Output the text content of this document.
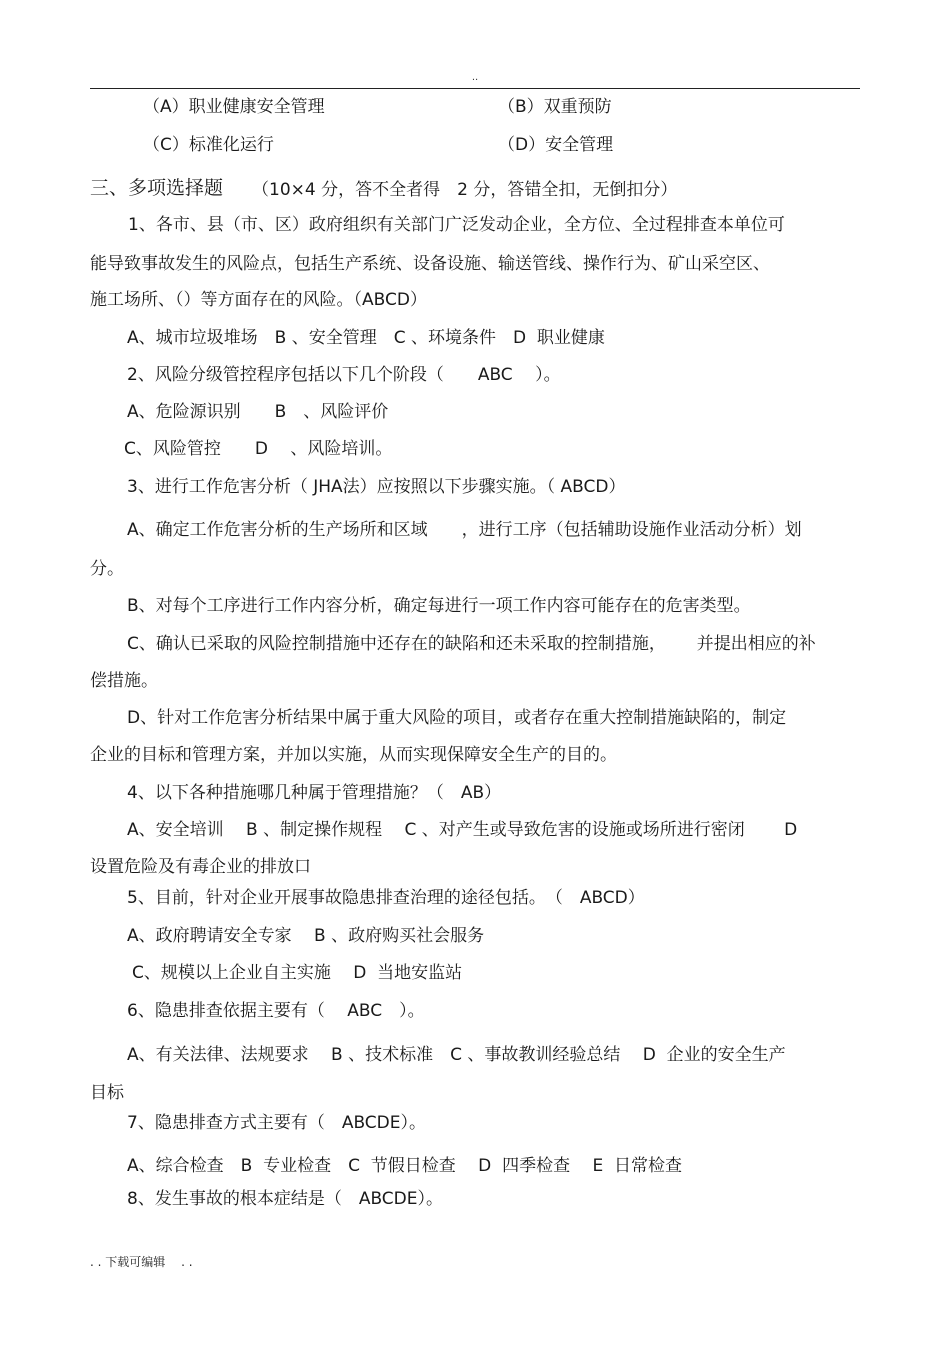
..
（A）职业健康安全管理	（B）双重预防
（C）标准化运行	（D）安全管理
三、多项选择题 （10×4 分，答不全者得　2 分，答错全扣，无倒扣分）
1、各市、县（市、区）政府组织有关部门广泛发动企业，全方位、全过程排查本单位可
能导致事故发生的风险点，包括生产系统、设备设施、输送管线、操作行为、矿山采空区、
施工场所、（）等方面存在的风险。（ABCD）
A、城市垃圾堆场　B 、安全管理　C 、环境条件　D  职业健康
2、风险分级管控程序包括以下几个阶段（　　ABC　 ）。
A、危险源识别　　B　、风险评价
C、风险管控　　D　 、风险培训。
3、进行工作危害分析（ JHA法）应按照以下步骤实施。（ ABCD）
A、确定工作危害分析的生产场所和区域　　，进行工序（包括辅助设施作业活动分析）划
分。
B、对每个工序进行工作内容分析，确定每进行一项工作内容可能存在的危害类型。
C、确认已采取的风险控制措施中还存在的缺陷和还未采取的控制措施，　　 并提出相应的补
偿措施。
D、针对工作危害分析结果中属于重大风险的项目，或者存在重大控制措施缺陷的，制定
企业的目标和管理方案，并加以实施，从而实现保障安全生产的目的。
4、以下各种措施哪几种属于管理措施？（　AB）
A、安全培训　 B 、制定操作规程　 C 、对产生或导致危害的设施或场所进行密闭　　 D
设置危险及有毒企业的排放口
5、目前，针对企业开展事故隐患排查治理的途径包括。　（　ABCD）
A、政府聘请安全专家　 B 、政府购买社会服务
C、规模以上企业自主实施　 D  当地安监站
6、隐患排查依据主要有（　 ABC　）。
A、有关法律、法规要求　 B 、技术标准　C 、事故教训经验总结　 D  企业的安全生产
目标
7、隐患排查方式主要有（　ABCDE）。
A、综合检查　B  专业检查　C  节假日检查　 D  四季检查　 E  日常检查
8、发生事故的根本症结是（　ABCDE）。
. . 下载可编辑　 . .
